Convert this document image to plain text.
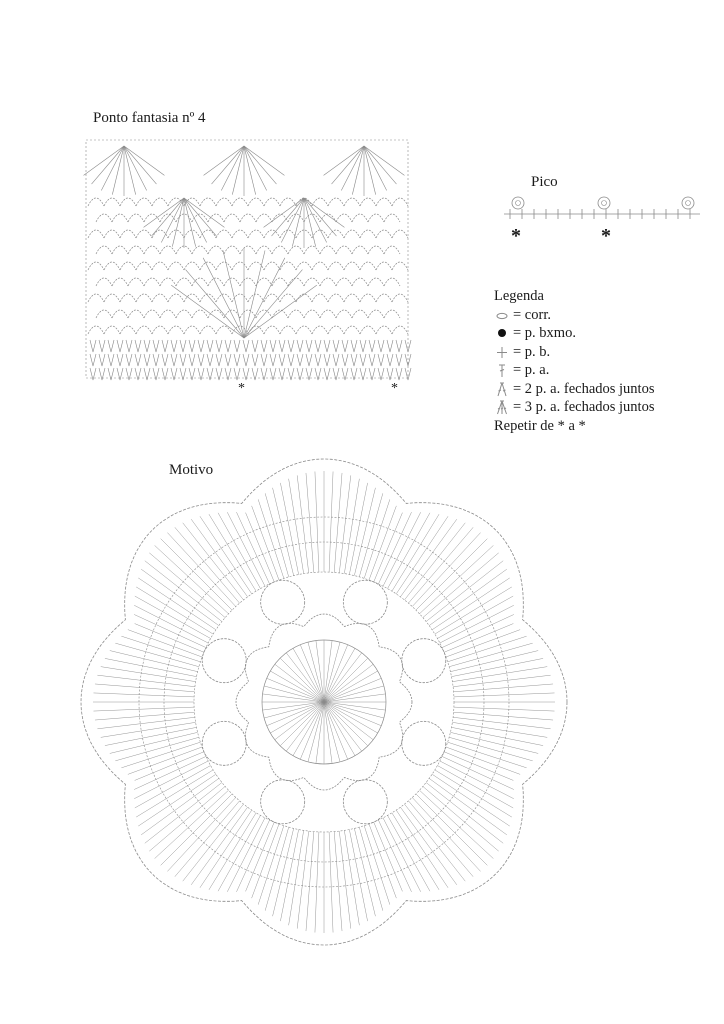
Ponto fantasia nº 4
Pico
Motivo
*	*
*	*
Legenda
= corr.
= p. bxmo.
= p. b.
= p. a.
= 2 p. a. fechados juntos
= 3 p. a. fechados juntos
Repetir de * a *
